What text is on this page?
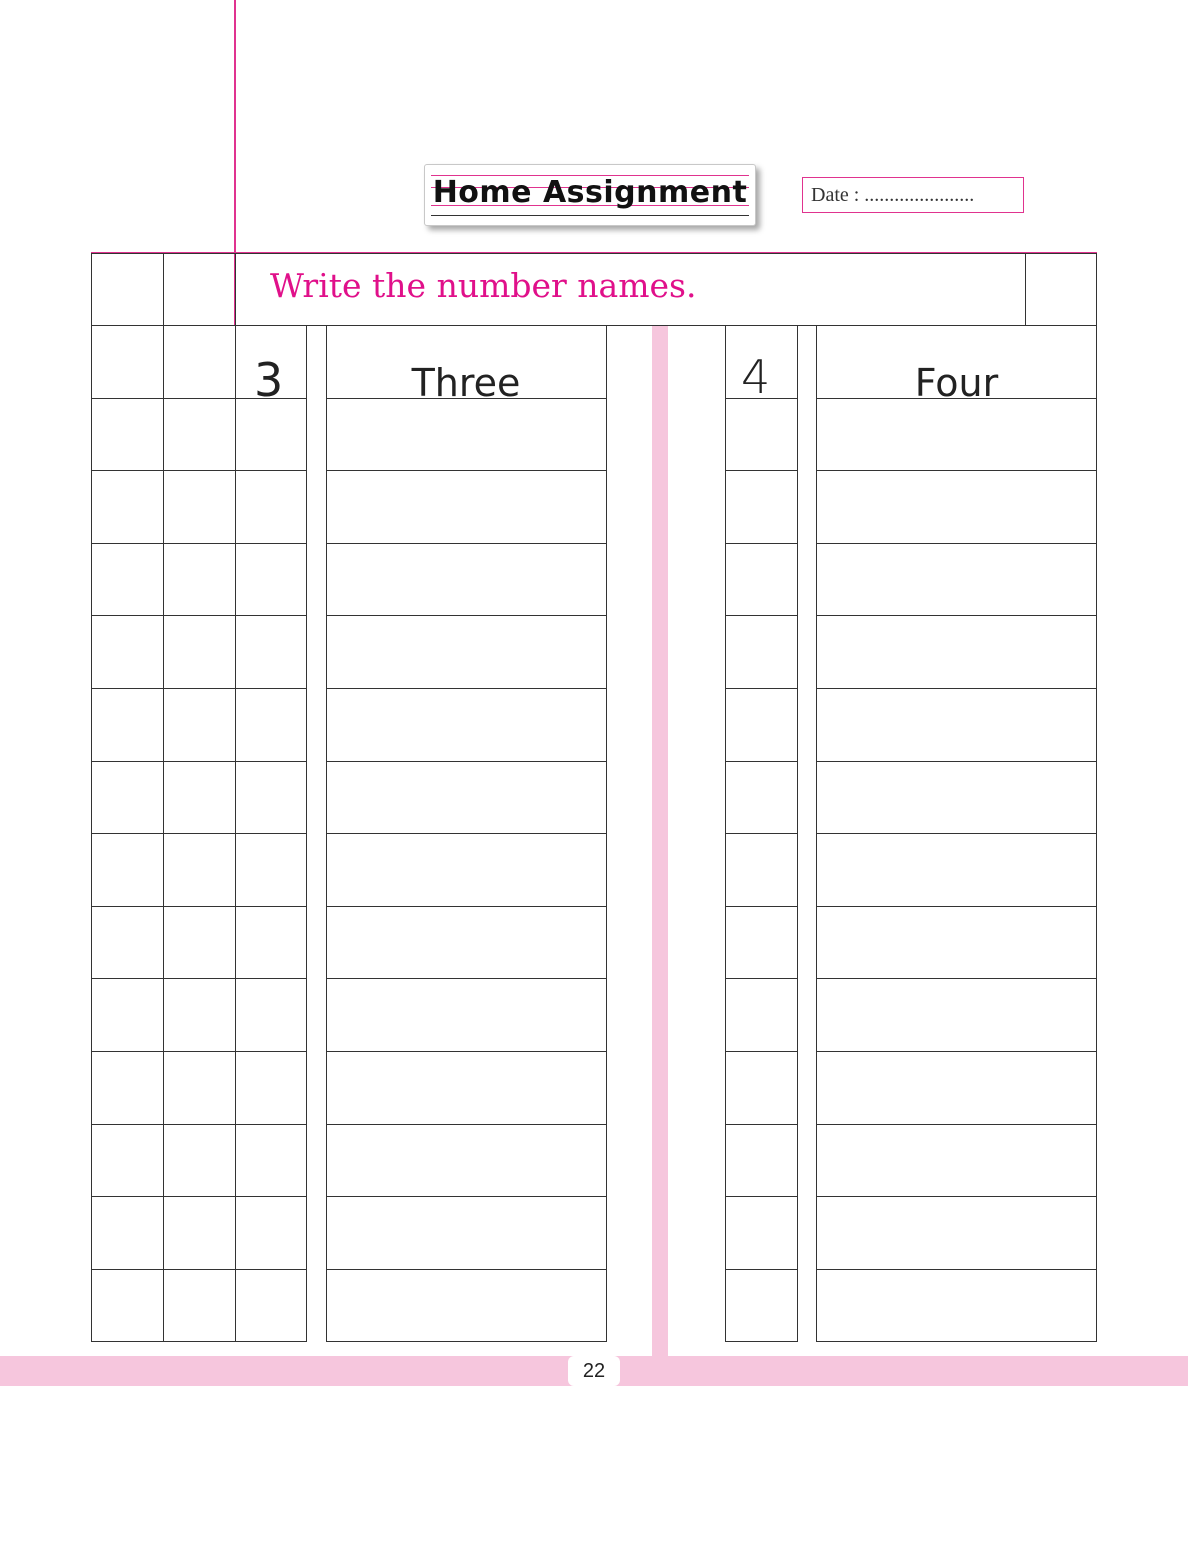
Home Assignment	Date : ......................
Write the number names.
3	Three	4	Four
22
